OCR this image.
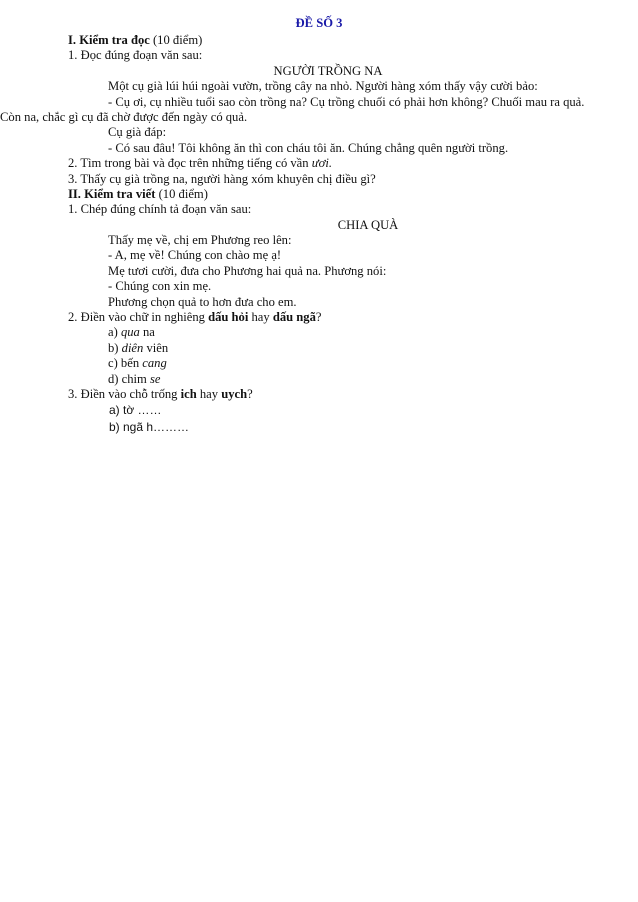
ĐỀ SỐ 3
I. Kiểm tra đọc (10 điểm)
1. Đọc đúng đoạn văn sau:
NGƯỜI TRỒNG NA
Một cụ già lúi húi ngoài vườn, trồng cây na nhỏ. Người hàng xóm thấy vậy cười bảo:
- Cụ ơi, cụ nhiều tuổi sao còn trồng na? Cụ trồng chuối có phải hơn không? Chuối mau ra quả.
Còn na, chắc gì cụ đã chờ được đến ngày có quả.
Cụ già đáp:
- Có sau đâu! Tôi không ăn thì con cháu tôi ăn. Chúng chẳng quên người trồng.
2. Tìm trong bài và đọc trên những tiếng có vần ươi.
3. Thấy cụ già trồng na, người hàng xóm khuyên chị điều gì?
II. Kiểm tra viết (10 điểm)
1. Chép đúng chính tả đoạn văn sau:
CHIA QUÀ
Thấy mẹ về, chị em Phương reo lên:
- A, mẹ về! Chúng con chào mẹ ạ!
Mẹ tươi cười, đưa cho Phương hai quả na. Phương nói:
- Chúng con xin mẹ.
Phương chọn quả to hơn đưa cho em.
2. Điền vào chữ in nghiêng dấu hỏi hay dấu ngã?
a) qua na
b) diên viên
c) bến cang
d) chim se
3. Điền vào chỗ trống ich hay uych?
a) tờ ……
b) ngã h………
